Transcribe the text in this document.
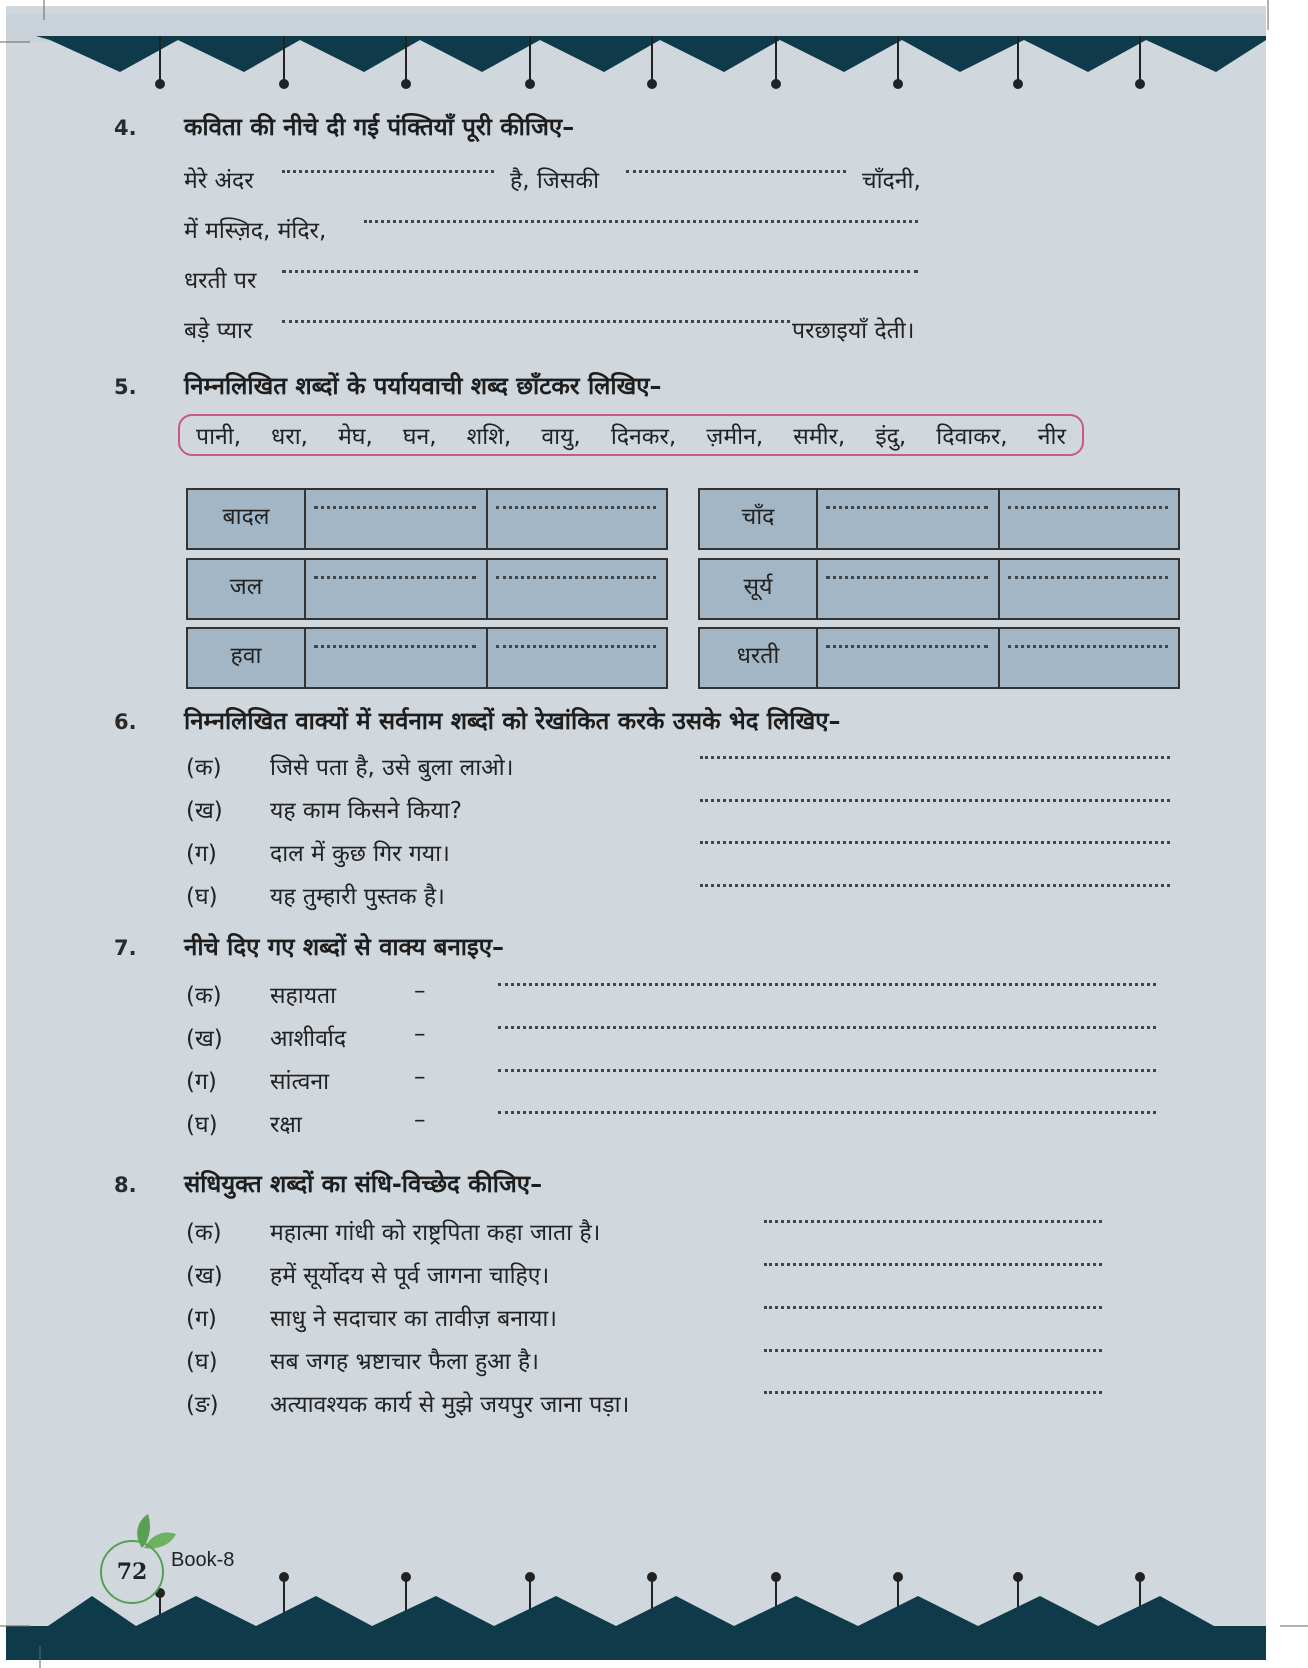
4. कविता की नीचे दी गई पंक्तियाँ पूरी कीजिए–
मेरे अंदर	है, जिसकी	चाँदनी,
में मस्ज़िद, मंदिर,
धरती पर
बड़े प्यार	परछाइयाँ देती।
5. निम्नलिखित शब्दों के पर्यायवाची शब्द छाँटकर लिखिए–
पानी, धरा, मेघ, घन, शशि, वायु, दिनकर, ज़मीन, समीर, इंदु, दिवाकर, नीर
बादल
जल
हवा
चाँद
सूर्य
धरती
6. निम्नलिखित वाक्यों में सर्वनाम शब्दों को रेखांकित करके उसके भेद लिखिए–
(क) जिसे पता है, उसे बुला लाओ।
(ख) यह काम किसने किया?
(ग) दाल में कुछ गिर गया।
(घ) यह तुम्हारी पुस्तक है।
7. नीचे दिए गए शब्दों से वाक्य बनाइए–
(क) सहायता	–
(ख) आशीर्वाद	–
(ग) सांत्वना	–
(घ) रक्षा	–
8. संधियुक्त शब्दों का संधि-विच्छेद कीजिए–
(क) महात्मा गांधी को राष्ट्रपिता कहा जाता है।
(ख) हमें सूर्योदय से पूर्व जागना चाहिए।
(ग) साधु ने सदाचार का तावीज़ बनाया।
(घ) सब जगह भ्रष्टाचार फैला हुआ है।
(ङ) अत्यावश्यक कार्य से मुझे जयपुर जाना पड़ा।
72	Book-8
